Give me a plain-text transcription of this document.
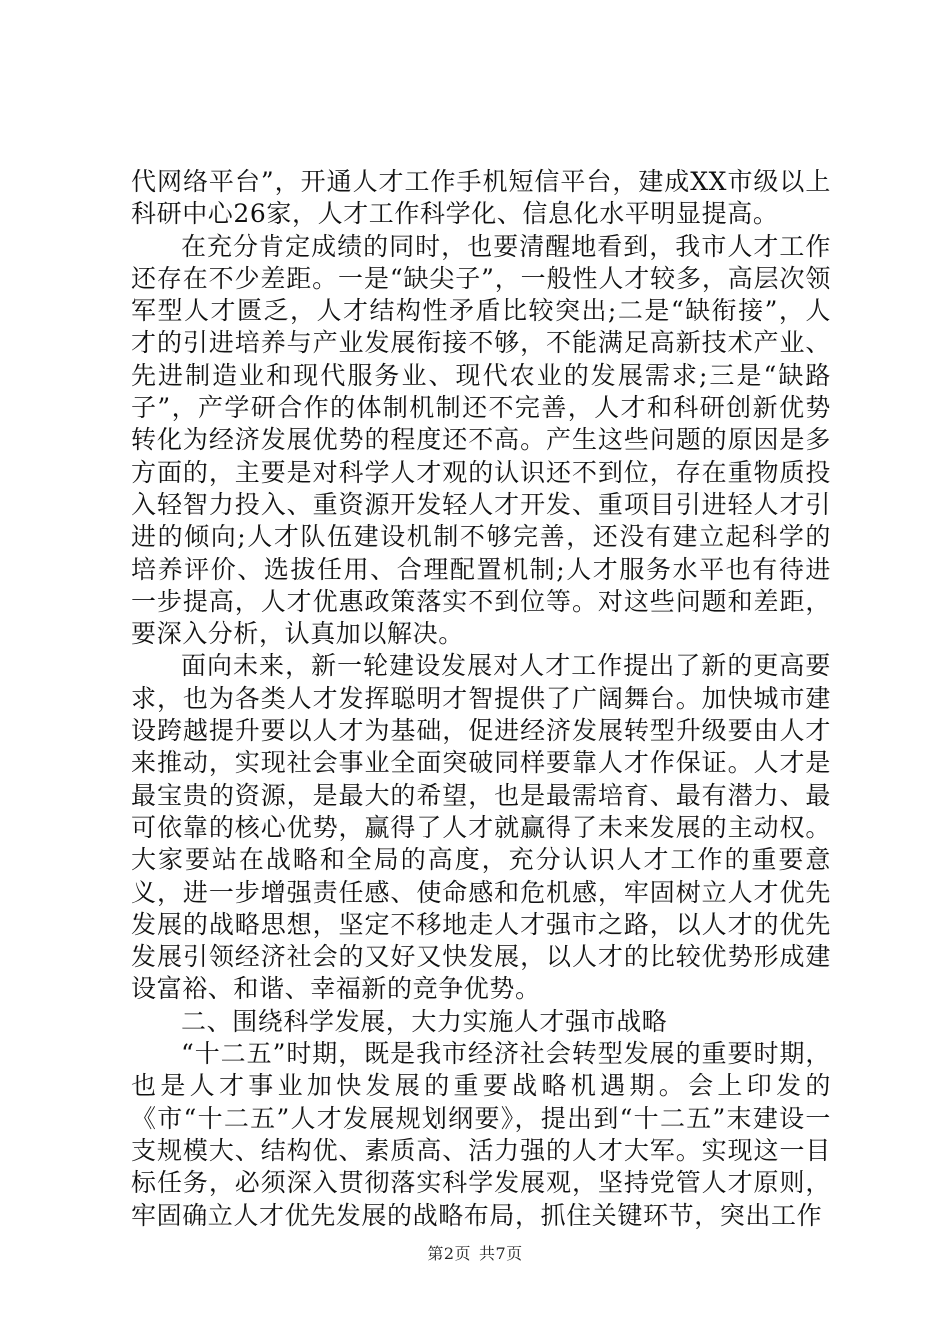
代网络平台”，开通人才工作手机短信平台，建成XX市级以上科研中心26家，人才工作科学化、信息化水平明显提高。

在充分肯定成绩的同时，也要清醒地看到，我市人才工作还存在不少差距。一是“缺尖子”，一般性人才较多，高层次领军型人才匮乏，人才结构性矛盾比较突出;二是“缺衔接”，人才的引进培养与产业发展衔接不够，不能满足高新技术产业、先进制造业和现代服务业、现代农业的发展需求;三是“缺路子”，产学研合作的体制机制还不完善，人才和科研创新优势转化为经济发展优势的程度还不高。产生这些问题的原因是多方面的，主要是对科学人才观的认识还不到位，存在重物质投入轻智力投入、重资源开发轻人才开发、重项目引进轻人才引进的倾向;人才队伍建设机制不够完善，还没有建立起科学的培养评价、选拔任用、合理配置机制;人才服务水平也有待进一步提高，人才优惠政策落实不到位等。对这些问题和差距，要深入分析，认真加以解决。

面向未来，新一轮建设发展对人才工作提出了新的更高要求，也为各类人才发挥聪明才智提供了广阔舞台。加快城市建设跨越提升要以人才为基础，促进经济发展转型升级要由人才来推动，实现社会事业全面突破同样要靠人才作保证。人才是最宝贵的资源，是最大的希望，也是最需培育、最有潜力、最可依靠的核心优势，赢得了人才就赢得了未来发展的主动权。大家要站在战略和全局的高度，充分认识人才工作的重要意义，进一步增强责任感、使命感和危机感，牢固树立人才优先发展的战略思想，坚定不移地走人才强市之路，以人才的优先发展引领经济社会的又好又快发展，以人才的比较优势形成建设富裕、和谐、幸福新的竞争优势。

二、围绕科学发展，大力实施人才强市战略

“十二五”时期，既是我市经济社会转型发展的重要时期，也是人才事业加快发展的重要战略机遇期。会上印发的《市“十二五”人才发展规划纲要》，提出到“十二五”末建设一支规模大、结构优、素质高、活力强的人才大军。实现这一目标任务，必须深入贯彻落实科学发展观，坚持党管人才原则，牢固确立人才优先发展的战略布局，抓住关键环节，突出工作

第2页 共7页
